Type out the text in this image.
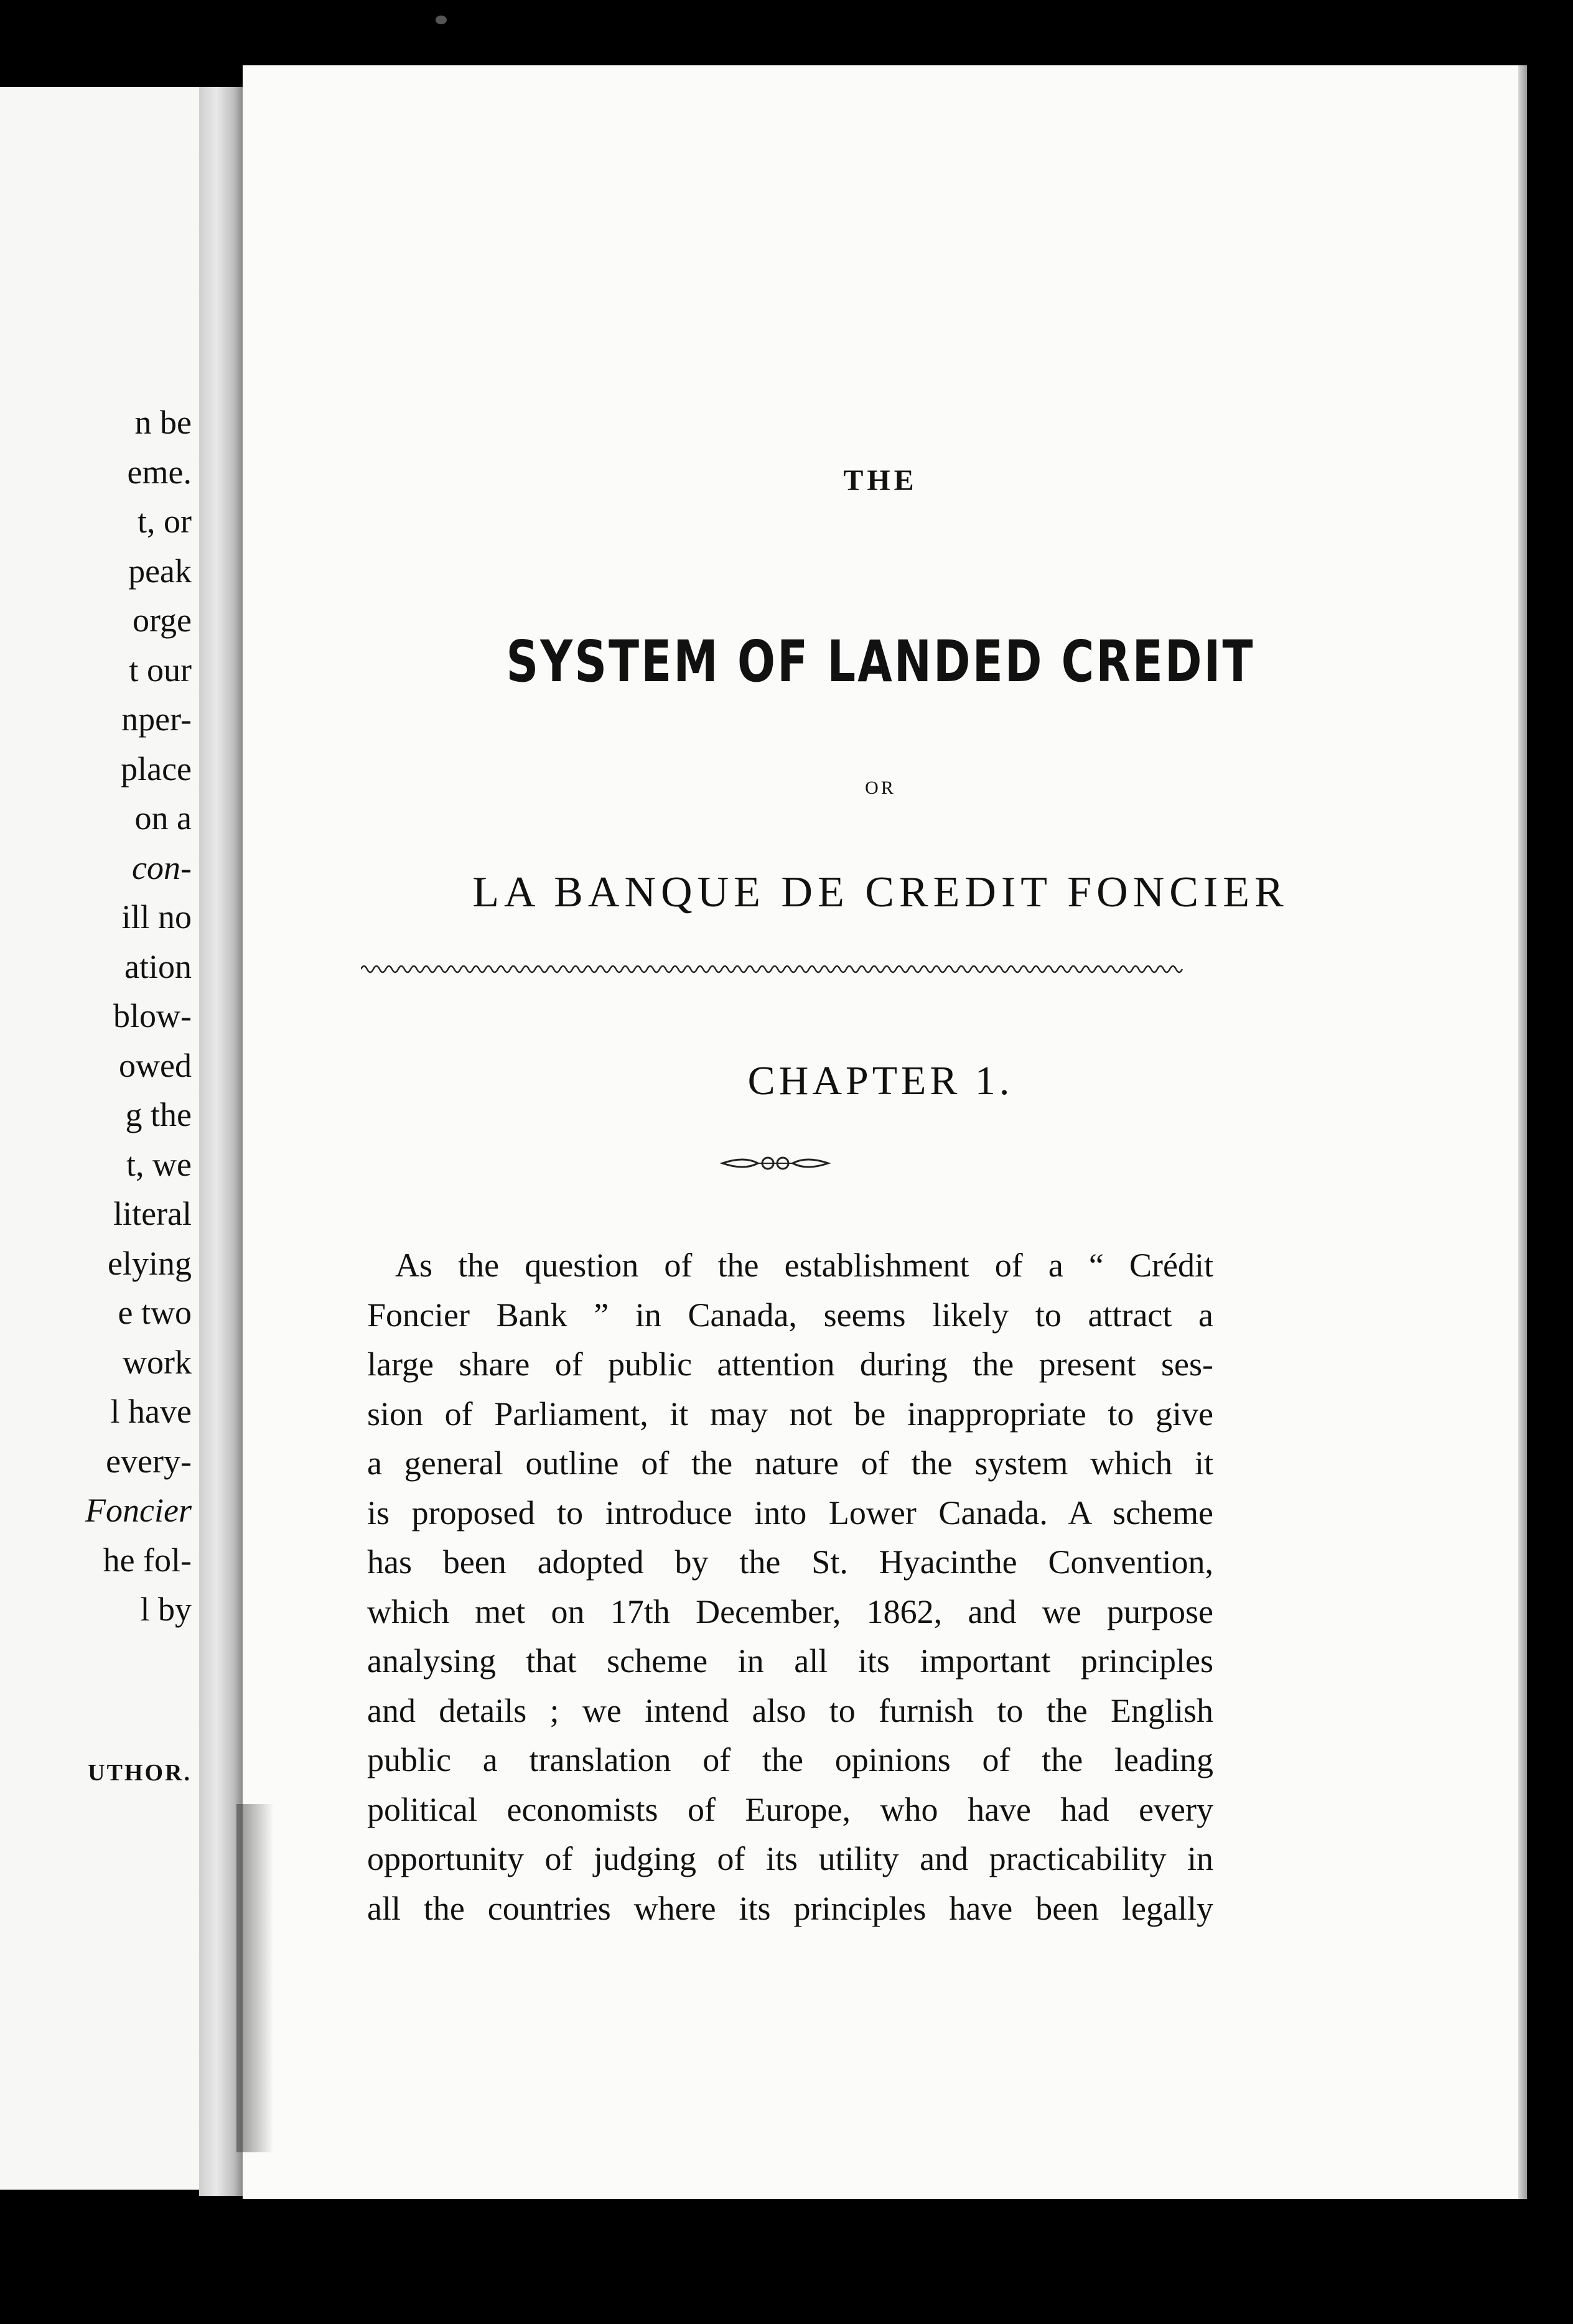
n be
eme.
t, or
peak
orge
t our
nper-
place
on a
con-
ill no
ation
blow-
owed
g the
t, we
literal
elying
e two
work
l have
every-
Foncier
he fol-
l by
UTHOR.
THE
SYSTEM OF LANDED CREDIT
OR
LA BANQUE DE CREDIT FONCIER
CHAPTER 1.
As the question of the establishment of a “ Crédit
Foncier Bank ” in Canada, seems likely to attract a
large share of public attention during the present ses-
sion of Parliament, it may not be inappropriate to give
a general outline of the nature of the system which it
is proposed to introduce into Lower Canada. A scheme
has been adopted by the St. Hyacinthe Convention,
which met on 17th December, 1862, and we purpose
analysing that scheme in all its important principles
and details ; we intend also to furnish to the English
public a translation of the opinions of the leading
political economists of Europe, who have had every
opportunity of judging of its utility and practicability in
all the countries where its principles have been legally
